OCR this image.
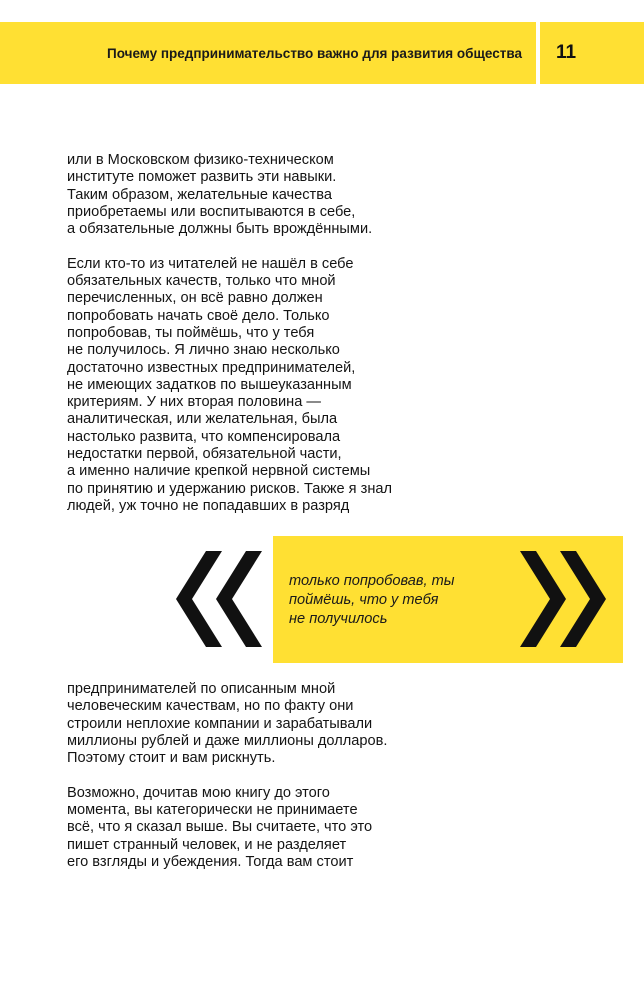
Почему предпринимательство важно для развития общества 11

или в Московском физико-техническом
институте поможет развить эти навыки.
Таким образом, желательные качества
приобретаемы или воспитываются в себе,
а обязательные должны быть врождёнными.

Если кто-то из читателей не нашёл в себе
обязательных качеств, только что мной
перечисленных, он всё равно должен
попробовать начать своё дело. Только
попробовав, ты поймёшь, что у тебя
не получилось. Я лично знаю несколько
достаточно известных предпринимателей,
не имеющих задатков по вышеуказанным
критериям. У них вторая половина —
аналитическая, или желательная, была
настолько развита, что компенсировала
недостатки первой, обязательной части,
а именно наличие крепкой нервной системы
по принятию и удержанию рисков. Также я знал
людей, уж точно не попадавших в разряд

только попробовав, ты
поймёшь, что у тебя
не получилось

предпринимателей по описанным мной
человеческим качествам, но по факту они
строили неплохие компании и зарабатывали
миллионы рублей и даже миллионы долларов.
Поэтому стоит и вам рискнуть.

Возможно, дочитав мою книгу до этого
момента, вы категорически не принимаете
всё, что я сказал выше. Вы считаете, что это
пишет странный человек, и не разделяет
его взгляды и убеждения. Тогда вам стоит
